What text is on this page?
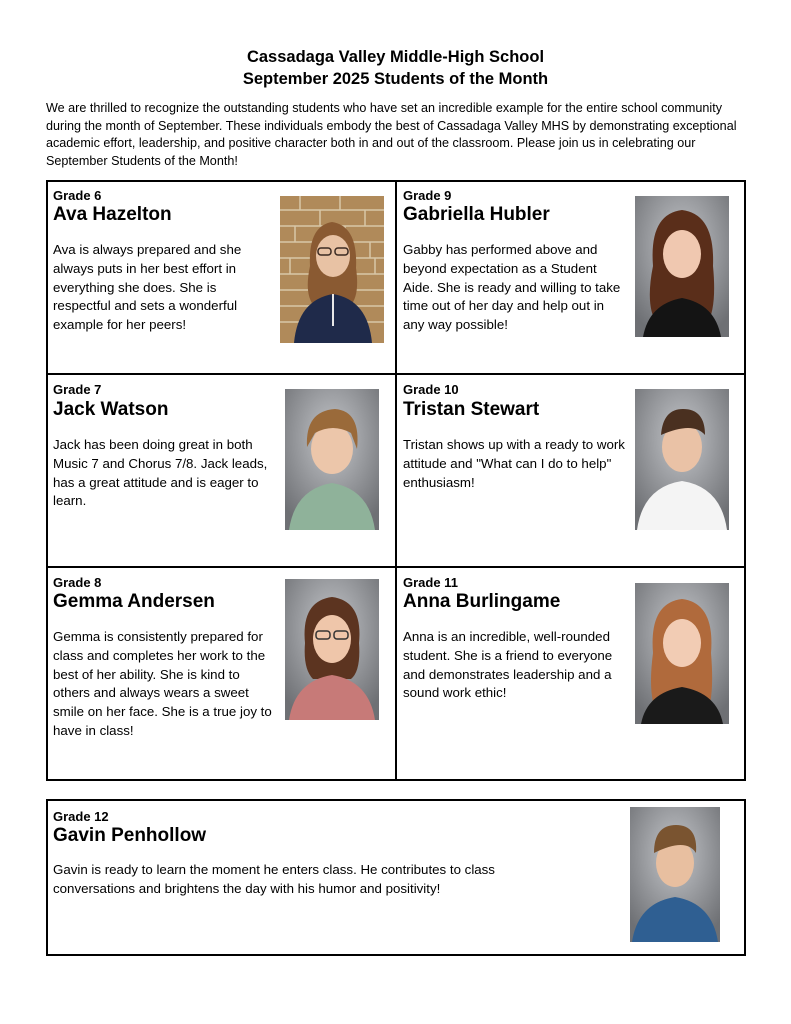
Cassadaga Valley Middle-High School
September 2025 Students of the Month

We are thrilled to recognize the outstanding students who have set an incredible example for the entire school community during the month of September. These individuals embody the best of Cassadaga Valley MHS by demonstrating exceptional academic effort, leadership, and positive character both in and out of the classroom. Please join us in celebrating our September Students of the Month!

Grade 6
Ava Hazelton

Ava is always prepared and she always puts in her best effort in everything she does. She is respectful and sets a wonderful example for her peers!

Grade 9
Gabriella Hubler

Gabby has performed above and beyond expectation as a Student Aide. She is ready and willing to take time out of her day and help out in any way possible!

Grade 7
Jack Watson

Jack has been doing great in both Music 7 and Chorus 7/8. Jack leads, has a great attitude and is eager to learn.

Grade 10
Tristan Stewart

Tristan shows up with a ready to work attitude and "What can I do to help" enthusiasm!

Grade 8
Gemma Andersen

Gemma is consistently prepared for class and completes her work to the best of her ability. She is kind to others and always wears a sweet smile on her face. She is a true joy to have in class!

Grade 11
Anna Burlingame

Anna is an incredible, well-rounded student. She is a friend to everyone and demonstrates leadership and a sound work ethic!

Grade 12
Gavin Penhollow

Gavin is ready to learn the moment he enters class. He contributes to class conversations and brightens the day with his humor and positivity!
